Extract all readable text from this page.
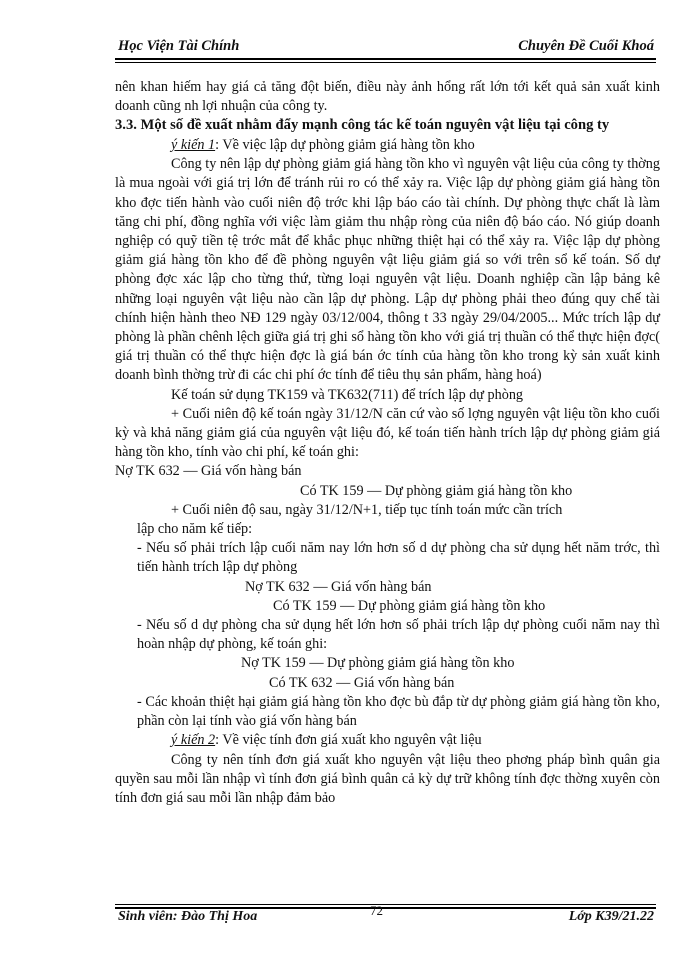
Học Viện Tài Chính	Chuyên Đề Cuối Khoá

nên khan hiếm hay giá cả tăng đột biến, điều này ảnh hổng rất lớn tới kết quả sản xuất kinh doanh cũng nh lợi nhuận của công ty.

3.3. Một số đề xuất nhằm đẩy mạnh công tác kế toán nguyên vật liệu tại công ty

ý kiến 1: Về việc lập dự phòng giảm giá hàng tồn kho

Công ty nên lập dự phòng giảm giá hàng tồn kho vì nguyên vật liệu của công ty thờng là mua ngoài với giá trị lớn để tránh rủi ro có thể xảy ra. Việc lập dự phòng giảm giá hàng tồn kho đợc tiến hành vào cuối niên độ trớc khi lập báo cáo tài chính. Dự phòng thực chất là làm tăng chi phí, đồng nghĩa với việc làm giảm thu nhập ròng của niên độ báo cáo. Nó giúp doanh nghiệp có quỹ tiền tệ trớc mắt để khắc phục những thiệt hại có thể xảy ra. Việc lập dự phòng giảm giá hàng tồn kho để đề phòng nguyên vật liệu giảm giá so với trên sổ kế toán. Số dự phòng đợc xác lập cho từng thứ, từng loại nguyên vật liệu. Doanh nghiệp cần lập bảng kê những loại nguyên vật liệu nào cần lập dự phòng. Lập dự phòng phải theo đúng quy chế tài chính hiện hành theo NĐ 129 ngày 03/12/004, thông t 33 ngày 29/04/2005... Mức trích lập dự phòng là phần chênh lệch giữa giá trị ghi sổ hàng tồn kho với giá trị thuần có thể thực hiện đợc( giá trị thuần có thể thực hiện đợc là giá bán ớc tính của hàng tồn kho trong kỳ sản xuất kinh doanh bình thờng trừ đi các chi phí ớc tính để tiêu thụ sản phẩm, hàng hoá)

Kế toán sử dụng TK159 và TK632(711) để trích lập dự phòng

+ Cuối niên độ kế toán ngày 31/12/N căn cứ vào số lợng nguyên vật liệu tồn kho cuối kỳ và khả năng giảm giá của nguyên vật liệu đó, kế toán tiến hành trích lập dự phòng giảm giá hàng tồn kho, tính vào chi phí, kế toán ghi:

Nợ TK 632 — Giá vốn hàng bán

Có TK 159 — Dự phòng giảm giá hàng tồn kho

+ Cuối niên độ sau, ngày 31/12/N+1, tiếp tục tính toán mức cần trích

lập cho năm kế tiếp:

- Nếu số phải trích lập cuối năm nay lớn hơn số d dự phòng cha sử dụng hết năm trớc, thì tiến hành trích lập dự phòng

Nợ TK 632 — Giá vốn hàng bán

Có TK 159 — Dự phòng giảm giá hàng tồn kho

- Nếu số d dự phòng cha sử dụng hết lớn hơn số phải trích lập dự phòng cuối năm nay thì hoàn nhập dự phòng, kế toán ghi:

Nợ TK 159 — Dự phòng giảm giá hàng tồn kho

Có TK 632 — Giá vốn hàng bán

- Các khoản thiệt hại giảm giá hàng tồn kho đợc bù đắp từ dự phòng giảm giá hàng tồn kho, phần còn lại tính vào giá vốn hàng bán

ý kiến 2: Về việc tính đơn giá xuất kho nguyên vật liệu

Công ty nên tính đơn giá xuất kho nguyên vật liệu theo phơng pháp bình quân gia quyền sau mỗi lần nhập vì tính đơn giá bình quân cả kỳ dự trữ không tính đợc thờng xuyên còn tính đơn giá sau mỗi lần nhập đảm bảo

Sinh viên: Đào Thị Hoa	72	Lớp K39/21.22
